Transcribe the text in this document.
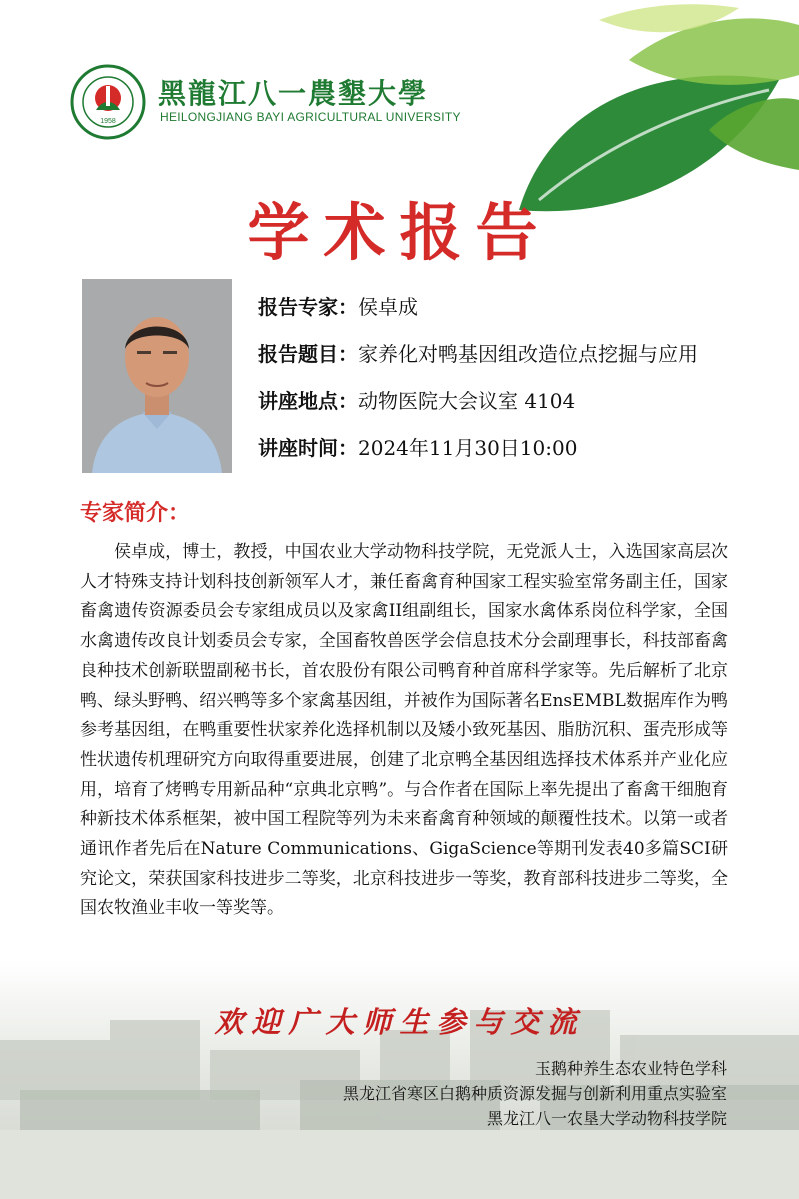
1958
黑龍江八一農墾大學
HEILONGJIANG BAYI AGRICULTURAL UNIVERSITY
学术报告
报告专家：侯卓成
报告题目：家养化对鸭基因组改造位点挖掘与应用
讲座地点：动物医院大会议室 4104
讲座时间：2024年11月30日10:00
专家简介：

侯卓成，博士，教授，中国农业大学动物科技学院，无党派人士，入选国家高层次人才特殊支持计划科技创新领军人才，兼任畜禽育种国家工程实验室常务副主任，国家畜禽遗传资源委员会专家组成员以及家禽II组副组长，国家水禽体系岗位科学家，全国水禽遗传改良计划委员会专家，全国畜牧兽医学会信息技术分会副理事长，科技部畜禽良种技术创新联盟副秘书长，首农股份有限公司鸭育种首席科学家等。先后解析了北京鸭、绿头野鸭、绍兴鸭等多个家禽基因组，并被作为国际著名EnsEMBL数据库作为鸭参考基因组，在鸭重要性状家养化选择机制以及矮小致死基因、脂肪沉积、蛋壳形成等性状遗传机理研究方向取得重要进展，创建了北京鸭全基因组选择技术体系并产业化应用，培育了烤鸭专用新品种“京典北京鸭”。与合作者在国际上率先提出了畜禽干细胞育种新技术体系框架，被中国工程院等列为未来畜禽育种领域的颠覆性技术。以第一或者通讯作者先后在Nature Communications、GigaScience等期刊发表40多篇SCI研究论文，荣获国家科技进步二等奖，北京科技进步一等奖，教育部科技进步二等奖，全国农牧渔业丰收一等奖等。

欢迎广大师生参与交流
玉鹅种养生态农业特色学科
黑龙江省寒区白鹅种质资源发掘与创新利用重点实验室
黑龙江八一农垦大学动物科技学院
